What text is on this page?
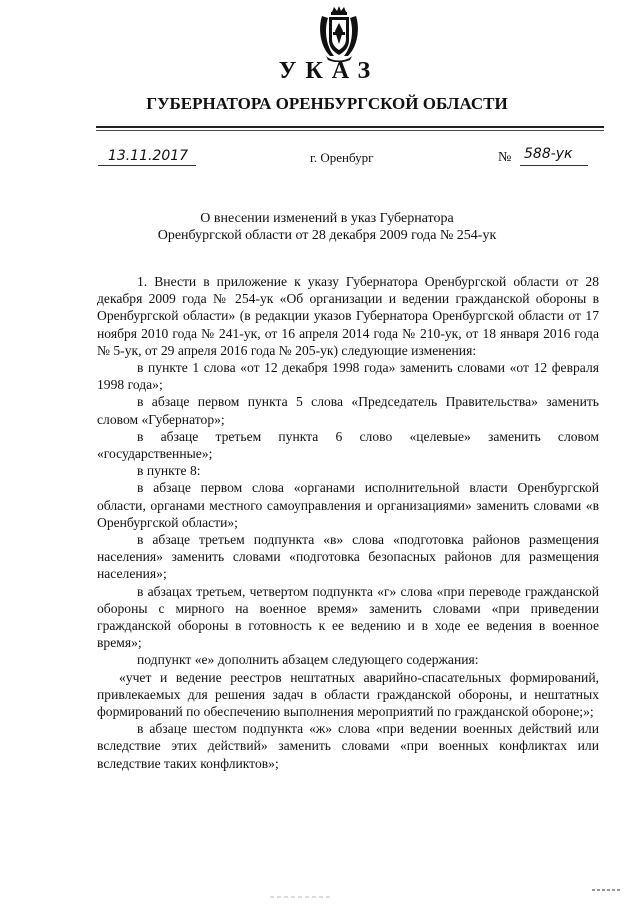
УКАЗ
ГУБЕРНАТОРА ОРЕНБУРГСКОЙ ОБЛАСТИ
13.11.2017	г. Оренбург	№ 588-ук
О внесении изменений в указ Губернатора
Оренбургской области от 28 декабря 2009 года № 254-ук

1. Внести в приложение к указу Губернатора Оренбургской области от 28 декабря 2009 года № 254-ук «Об организации и ведении гражданской обороны в Оренбургской области» (в редакции указов Губернатора Оренбургской области от 17 ноября 2010 года № 241-ук, от 16 апреля 2014 года № 210-ук, от 18 января 2016 года № 5-ук, от 29 апреля 2016 года № 205-ук) следующие изменения:

в пункте 1 слова «от 12 декабря 1998 года» заменить словами «от 12 февраля 1998 года»;

в абзаце первом пункта 5 слова «Председатель Правительства» заменить словом «Губернатор»;

в абзаце третьем пункта 6 слово «целевые» заменить словом «государственные»;

в пункте 8:

в абзаце первом слова «органами исполнительной власти Оренбургской области, органами местного самоуправления и организациями» заменить словами «в Оренбургской области»;

в абзаце третьем подпункта «в» слова «подготовка районов размещения населения» заменить словами «подготовка безопасных районов для размещения населения»;

в абзацах третьем, четвертом подпункта «г» слова «при переводе гражданской обороны с мирного на военное время» заменить словами «при приведении гражданской обороны в готовность к ее ведению и в ходе ее ведения в военное время»;

подпункт «е» дополнить абзацем следующего содержания:

«учет и ведение реестров нештатных аварийно-спасательных формирований, привлекаемых для решения задач в области гражданской обороны, и нештатных формирований по обеспечению выполнения мероприятий по гражданской обороне;»;

в абзаце шестом подпункта «ж» слова «при ведении военных действий или вследствие этих действий» заменить словами «при военных конфликтах или вследствие таких конфликтов»;
